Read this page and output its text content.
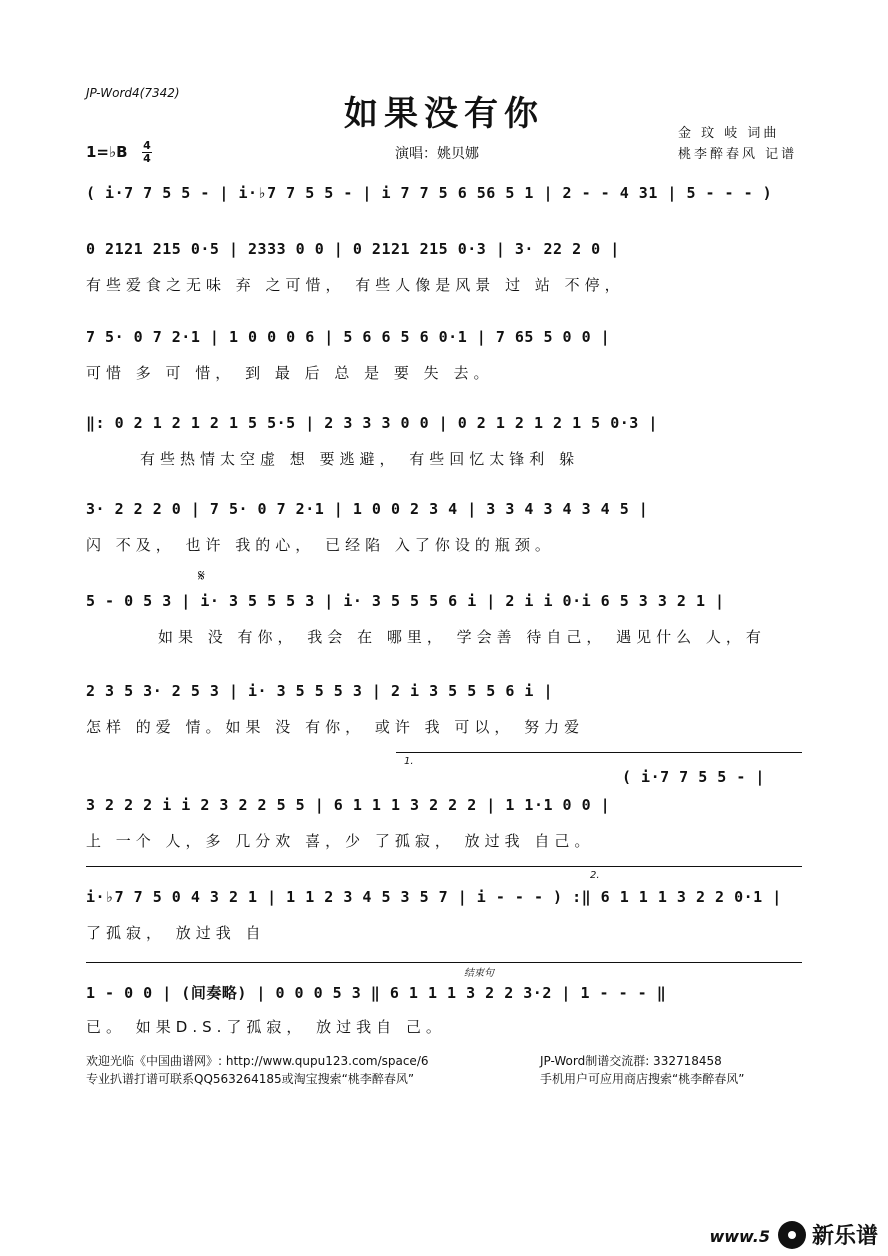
JP-Word4(7342)
如果没有你	金 玟 岐 词曲
桃李醉春风 记谱
1=♭B 4
4	演唱：姚贝娜
( i·7 7 5 5 - | i·♭7 7 5 5 - | i 7 7 5 6 56 5 1 | 2 - - 4 31 | 5 - - - )
0 2121 215 0·5 | 2333 0 0 | 0 2121 215 0·3 | 3· 22 2 0 |
有些爱食之无味 弃 之可惜， 有些人像是风景 过 站 不停，
7 5· 0 7 2·1 | 1 0 0 0 6 | 5 6 6 5 6 0·1 | 7 65 5 0 0 |
可惜 多 可 惜， 到 最 后 总 是 要 失 去。
‖: 0 2 1 2 1 2 1 5 5·5 | 2 3 3 3 0 0 | 0 2 1 2 1 2 1 5 0·3 |
有些热情太空虚 想 要逃避， 有些回忆太锋利 躲
3· 2 2 2 0 | 7 5· 0 7 2·1 | 1 0 0 2 3 4 | 3 3 4 3 4 3 4 5 |
闪 不及， 也许 我的心， 已经陷 入了你设的瓶颈。
𝄋
5 - 0 5 3 | i· 3 5 5 5 3 | i· 3 5 5 5 6 i | 2 i i 0·i 6 5 3 3 2 1 |
如果 没 有你， 我会 在 哪里， 学会善 待自己， 遇见什么 人，有
2 3 5 3· 2 5 3 | i· 3 5 5 5 3 | 2 i 3 5 5 5 6 i |
怎样 的爱 情。如果 没 有你， 或许 我 可以， 努力爱
1.
( i·7 7 5 5 - |
3 2 2 2 i i 2 3 2 2 5 5 | 6 1 1 1 3 2 2 2 | 1 1·1 0 0 |
上 一个 人，多 几分欢 喜，少 了孤寂， 放过我 自己。
2.
i·♭7 7 5 0 4 3 2 1 | 1 1 2 3 4 5 3 5 7 | i - - - ) :‖ 6 1 1 1 3 2 2 0·1 |
了孤寂， 放过我 自
结束句
1 - 0 0 | (间奏略) | 0 0 0 5 3 ‖ 6 1 1 1 3 2 2 3·2 | 1 - - - ‖
已。 如果D.S.了孤寂， 放过我自 己。
欢迎光临《中国曲谱网》: http://www.qupu123.com/space/6
专业扒谱打谱可联系QQ563264185或淘宝搜索“桃李醉春风”
JP-Word制谱交流群: 332718458
手机用户可应用商店搜索“桃李醉春风”
www.5 新乐谱
